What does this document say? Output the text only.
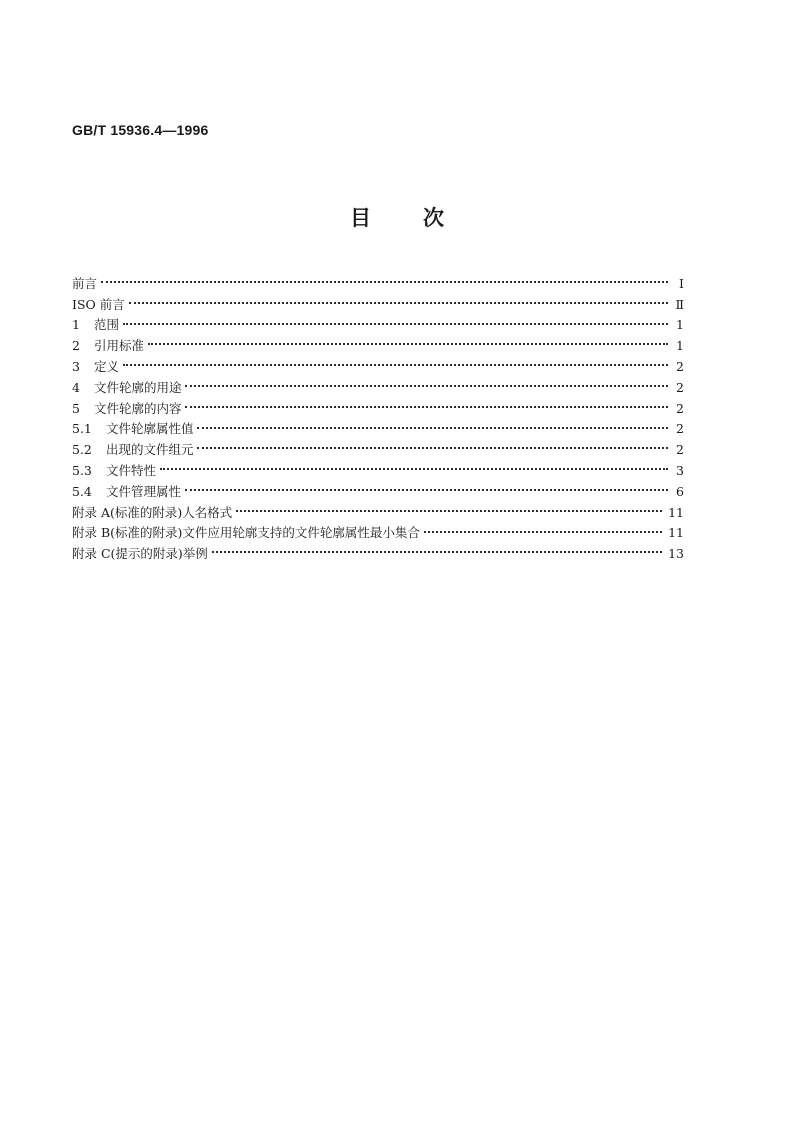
GB/T 15936.4—1996
目 次
前言	Ⅰ
ISO 前言	Ⅱ
1 范围	1
2 引用标准	1
3 定义	2
4 文件轮廓的用途	2
5 文件轮廓的内容	2
5.1 文件轮廓属性值	2
5.2 出现的文件组元	2
5.3 文件特性	3
5.4 文件管理属性	6
附录 A(标准的附录)人名格式	11
附录 B(标准的附录)文件应用轮廓支持的文件轮廓属性最小集合	11
附录 C(提示的附录)举例	13
